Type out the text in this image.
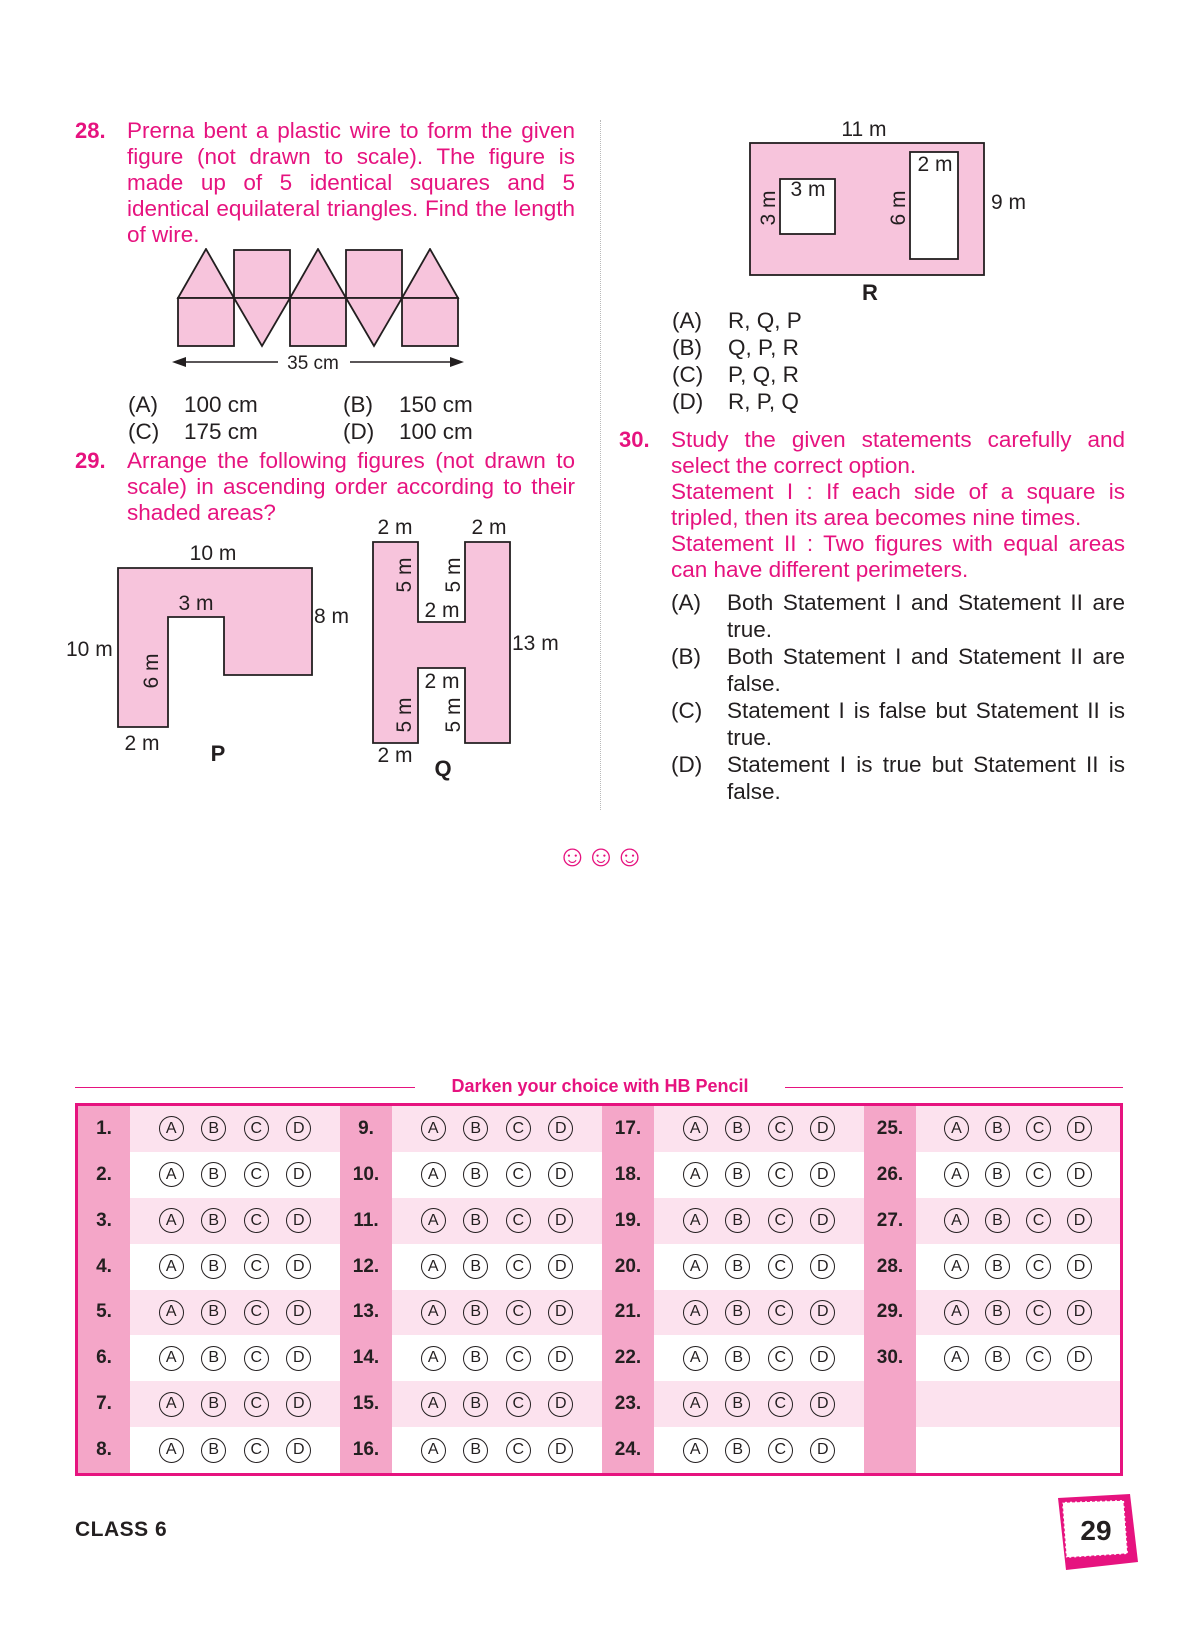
28. Prerna bent a plastic wire to form the given figure (not drawn to scale). The figure is made up of 5 identical squares and 5 identical equilateral triangles. Find the length of wire.
35 cm
(A) 100 cm	(B) 150 cm
(C) 175 cm	(D) 100 cm
29. Arrange the following figures (not drawn to scale) in ascending order according to their shaded areas?
10 m
3 m
8 m
10 m
6 m
2 m P
2 m	2 m
5 m 5 m
2 m
2 m
13 m
5 m 5 m
2 m
Q
11 m
9 m
3 m
3 m
2 m
6 m
R
(A) R, Q, P
(B) Q, P, R
(C) P, Q, R
(D) R, P, Q
30. Study the given statements carefully and select the correct option.
Statement I : If each side of a square is tripled, then its area becomes nine times.
Statement II : Two figures with equal areas can have different perimeters.
(A)	Both Statement I and Statement II are true.
(B)	Both Statement I and Statement II are false.
(C)	Statement I is false but Statement II is true.
(D)	Statement I is true but Statement II is false.
☺☺☺
Darken your choice with HB Pencil
1.	A	B	C	D	9.	A	B	C	D	17.	A	B	C	D	25.	A	B	C	D
2.	A	B	C	D	10.	A	B	C	D	18.	A	B	C	D	26.	A	B	C	D
3.	A	B	C	D	11.	A	B	C	D	19.	A	B	C	D	27.	A	B	C	D
4.	A	B	C	D	12.	A	B	C	D	20.	A	B	C	D	28.	A	B	C	D
5.	A	B	C	D	13.	A	B	C	D	21.	A	B	C	D	29.	A	B	C	D
6.	A	B	C	D	14.	A	B	C	D	22.	A	B	C	D	30.	A	B	C	D
7.	A	B	C	D	15.	A	B	C	D	23.	A	B	C	D
8.	A	B	C	D	16.	A	B	C	D	24.	A	B	C	D
CLASS 6	29
